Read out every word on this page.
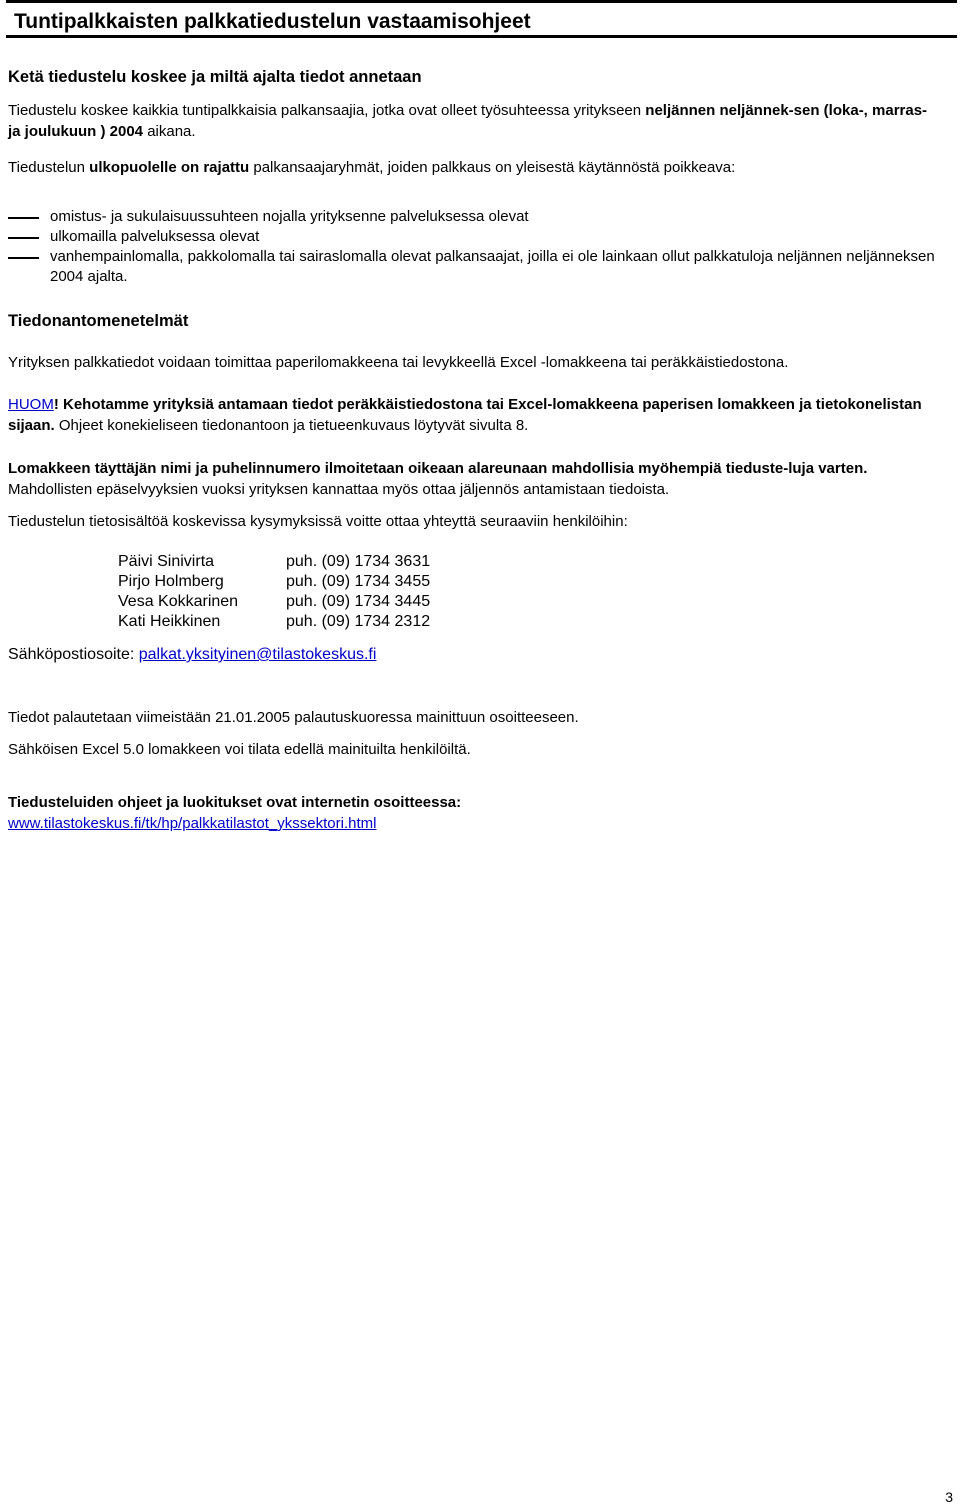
Tuntipalkkaisten palkkatiedustelun vastaamisohjeet
Ketä tiedustelu koskee ja miltä ajalta tiedot annetaan

Tiedustelu koskee kaikkia tuntipalkkaisia palkansaajia, jotka ovat olleet työsuhteessa yritykseen neljännen neljännek-sen (loka-, marras- ja joulukuun ) 2004 aikana.

Tiedustelun ulkopuolelle on rajattu palkansaajaryhmät, joiden palkkaus on yleisestä käytännöstä poikkeava:

omistus- ja sukulaisuussuhteen nojalla yrityksenne palveluksessa olevat
ulkomailla palveluksessa olevat
vanhempainlomalla, pakkolomalla tai sairaslomalla olevat palkansaajat, joilla ei ole lainkaan ollut palkkatuloja neljännen neljänneksen 2004 ajalta.
Tiedonantomenetelmät

Yrityksen palkkatiedot voidaan toimittaa paperilomakkeena tai levykkeellä Excel -lomakkeena tai peräkkäistiedostona.

HUOM! Kehotamme yrityksiä antamaan tiedot peräkkäistiedostona tai Excel-lomakkeena paperisen lomakkeen ja tietokonelistan sijaan. Ohjeet konekieliseen tiedonantoon ja tietueenkuvaus löytyvät sivulta 8.

Lomakkeen täyttäjän nimi ja puhelinnumero ilmoitetaan oikeaan alareunaan mahdollisia myöhempiä tieduste-luja varten. Mahdollisten epäselvyyksien vuoksi yrityksen kannattaa myös ottaa jäljennös antamistaan tiedoista.

Tiedustelun tietosisältöä koskevissa kysymyksissä voitte ottaa yhteyttä seuraaviin henkilöihin:

Päivi Sinivirta	puh. (09) 1734 3631
Pirjo Holmberg	puh. (09) 1734 3455
Vesa Kokkarinen	puh. (09) 1734 3445
Kati Heikkinen	puh. (09) 1734 2312

Sähköpostiosoite: palkat.yksityinen@tilastokeskus.fi

Tiedot palautetaan viimeistään 21.01.2005 palautuskuoressa mainittuun osoitteeseen.

Sähköisen Excel 5.0 lomakkeen voi tilata edellä mainituilta henkilöiltä.

Tiedusteluiden ohjeet ja luokitukset ovat internetin osoitteessa:

www.tilastokeskus.fi/tk/hp/palkkatilastot_ykssektori.html

3
